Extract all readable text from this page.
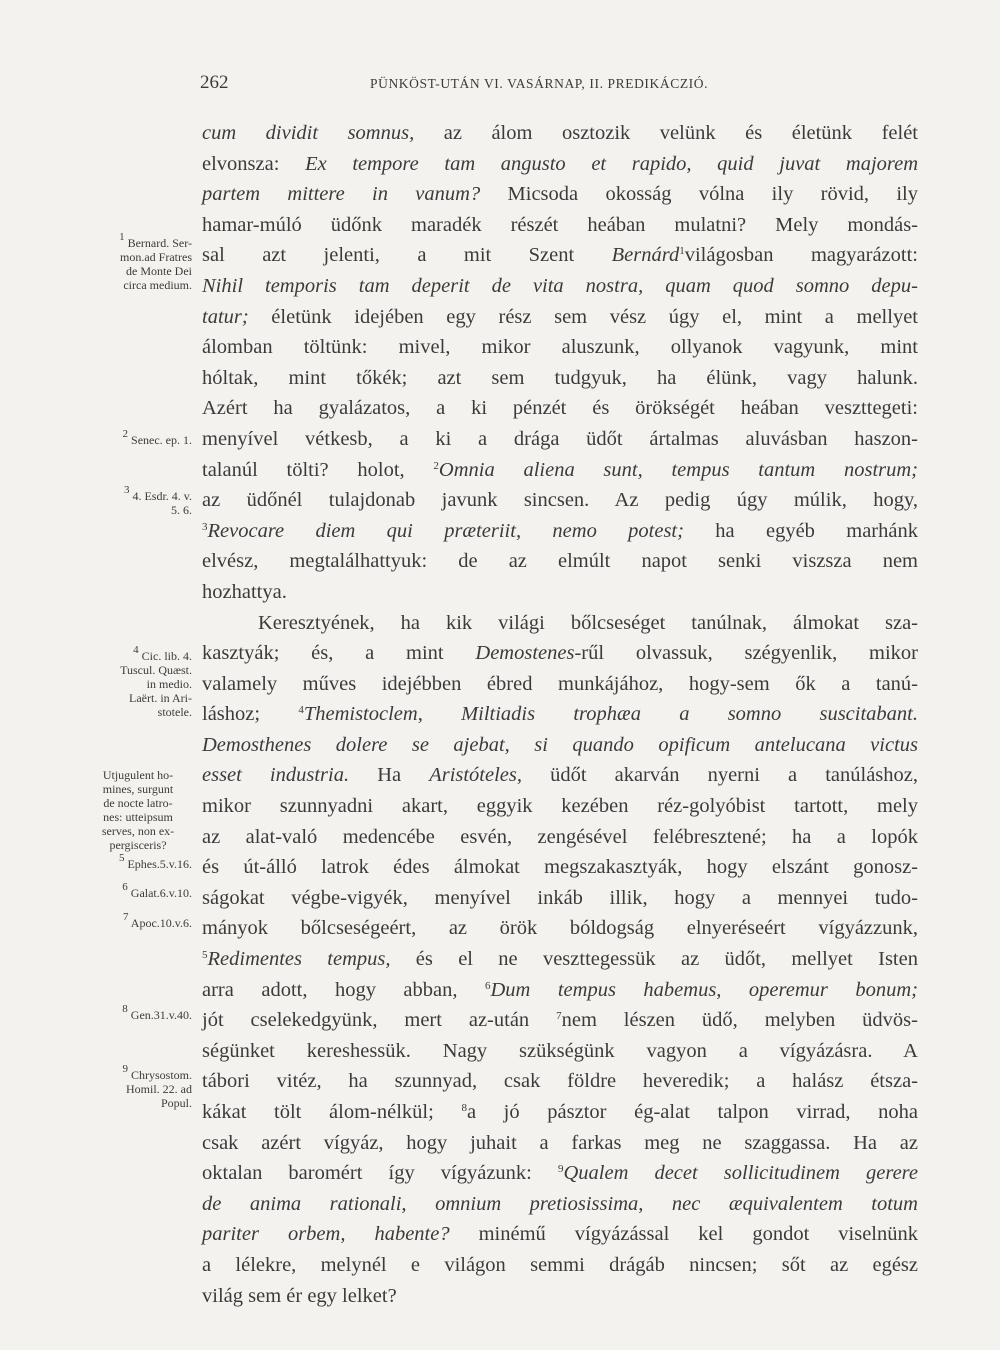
262	PÜNKÖST-UTÁN VI. VASÁRNAP, II. PREDIKÁCZIÓ.
cum dividit somnus, az álom osztozik velünk és életünk felét
elvonsza: Ex tempore tam angusto et rapido, quid juvat majorem
partem mittere in vanum? Micsoda okosság vólna ily rövid, ily
hamar-múló üdőnk maradék részét heában mulatni? Mely mondás-
sal azt jelenti, a mit Szent Bernárd$^1$világosban magyarázott:
Nihil temporis tam deperit de vita nostra, quam quod somno depu-
tatur; életünk idejében egy rész sem vész úgy el, mint a mellyet
álomban töltünk: mivel, mikor aluszunk, ollyanok vagyunk, mint
hóltak, mint tőkék; azt sem tudgyuk, ha élünk, vagy halunk.
Azért ha gyalázatos, a ki pénzét és örökségét heában veszttegeti:
menyível vétkesb, a ki a drága üdőt ártalmas aluvásban haszon-
talanúl tölti? holot, $^2$Omnia aliena sunt, tempus tantum nostrum;
az üdőnél tulajdonab javunk sincsen. Az pedig úgy múlik, hogy,
$^3$Revocare diem qui præteriit, nemo potest; ha egyéb marhánk
elvész, megtalálhattyuk: de az elmúlt napot senki viszsza nem
hozhattya.
Keresztyének, ha kik világi bőlcseséget tanúlnak, álmokat sza-
kasztyák; és, a mint Demostenes-rűl olvassuk, szégyenlik, mikor
valamely műves idejébben ébred munkájához, hogy-sem ők a tanú-
láshoz; $^4$Themistoclem, Miltiadis trophæa a somno suscitabant.
Demosthenes dolere se ajebat, si quando opificum antelucana victus
esset industria. Ha Aristóteles, üdőt akarván nyerni a tanúláshoz,
mikor szunnyadni akart, eggyik kezében réz-golyóbist tartott, mely
az alat-való medencébe esvén, zengésével felébresztené; ha a lopók
és út-álló latrok édes álmokat megszakasztyák, hogy elszánt gonosz-
ságokat végbe-vigyék, menyível inkáb illik, hogy a mennyei tudo-
mányok bőlcseségeért, az örök bóldogság elnyeréseért vígyázzunk,
$^5$Redimentes tempus, és el ne veszttegessük az üdőt, mellyet Isten
arra adott, hogy abban, $^6$Dum tempus habemus, operemur bonum;
jót cselekedgyünk, mert az-után $^7$nem lészen üdő, melyben üdvös-
ségünket kereshessük. Nagy szükségünk vagyon a vígyázásra. A
tábori vitéz, ha szunnyad, csak földre heveredik; a halász étsza-
kákat tölt álom-nélkül; $^8$a jó pásztor ég-alat talpon virrad, noha
csak azért vígyáz, hogy juhait a farkas meg ne szaggassa. Ha az
oktalan baromért így vígyázunk: $^9$Qualem decet sollicitudinem gerere
de anima rationali, omnium pretiosissima, nec æquivalentem totum
pariter orbem, habente? minémű vígyázással kel gondot viselnünk
a lélekre, melynél e világon semmi drágáb nincsen; sőt az egész
világ sem ér egy lelket?
$^1$ Bernard. Ser-
mon.ad Fratres
de Monte Dei
circa medium.
$^2$ Senec. ep. 1.
$^3$ 4. Esdr. 4. v.
5. 6.
$^4$ Cic. lib. 4.
Tuscul. Quæst.
in medio.
Laërt. in Ari-
stotele.
Utjugulent ho-
mines, surgunt
de nocte latro-
nes: utteipsum
serves, non ex-
pergisceris?
$^5$ Ephes.5.v.16.
$^6$ Galat.6.v.10.
$^7$ Apoc.10.v.6.
$^8$ Gen.31.v.40.
$^9$ Chrysostom.
Homil. 22. ad
Popul.
